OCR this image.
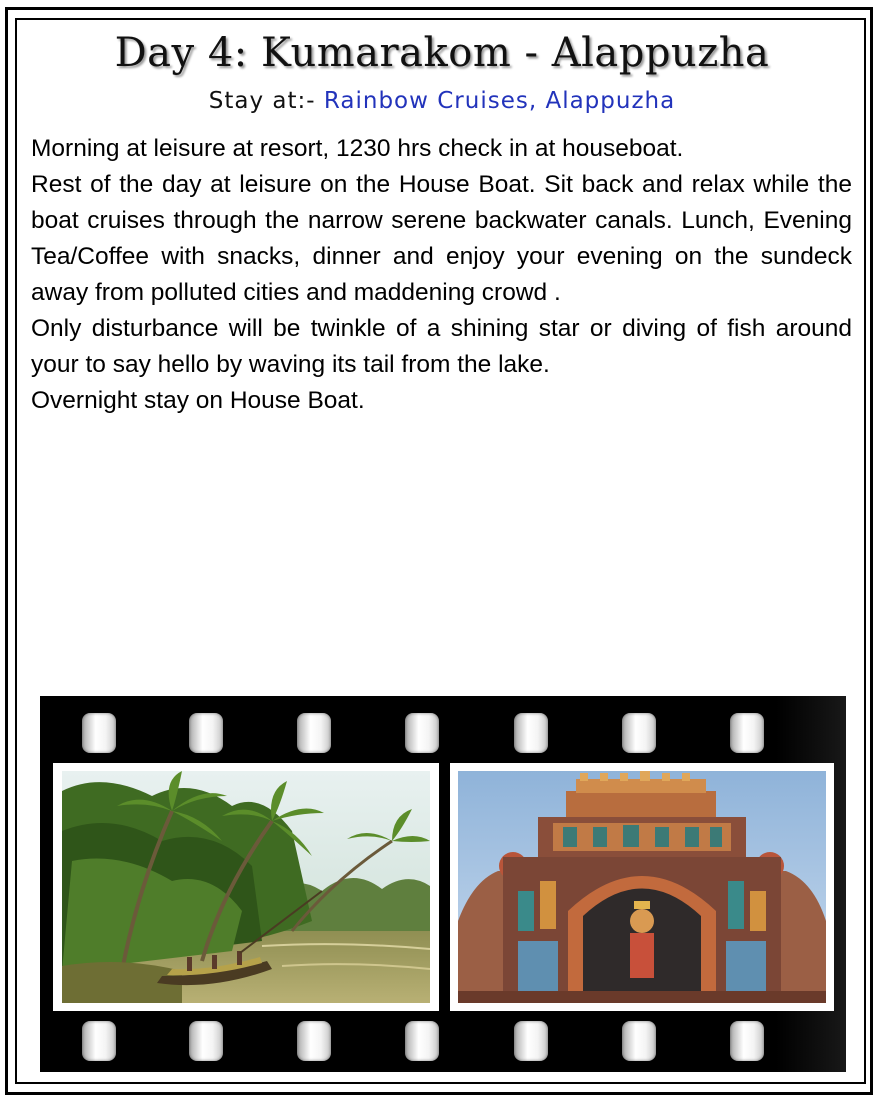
Day 4: Kumarakom - Alappuzha
Stay at:- Rainbow Cruises, Alappuzha

Morning at leisure at resort, 1230 hrs check in at houseboat.

Rest of the day at leisure on the House Boat. Sit back and relax while the boat cruises through the narrow serene backwater canals. Lunch, Evening Tea/Coffee with snacks, dinner and enjoy your evening on the sundeck away from polluted cities and maddening crowd .

Only disturbance will be twinkle of a shining star or diving of fish around your to say hello by waving its tail from the lake.

Overnight stay on House Boat.
